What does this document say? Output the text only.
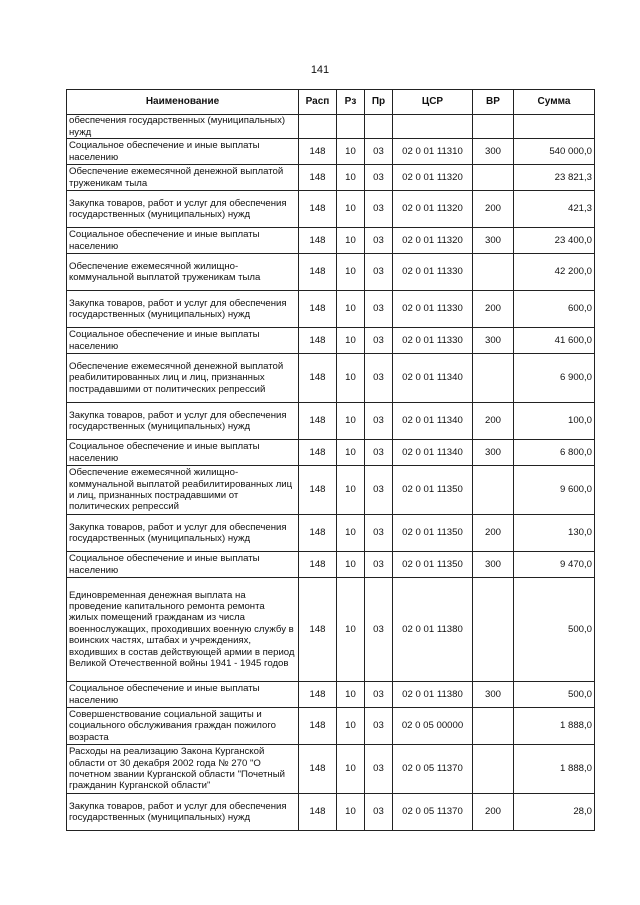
141
Наименование	Расп	Рз	Пр	ЦСР	ВР	Сумма
обеспечения государственных (муниципальных) нужд						
Социальное обеспечение и иные выплаты населению	148	10	03	02 0 01 11310	300	540 000,0
Обеспечение ежемесячной денежной выплатой труженикам тыла	148	10	03	02 0 01 11320		23 821,3
Закупка товаров, работ и услуг для обеспечения государственных (муниципальных) нужд	148	10	03	02 0 01 11320	200	421,3
Социальное обеспечение и иные выплаты населению	148	10	03	02 0 01 11320	300	23 400,0
Обеспечение ежемесячной жилищно-коммунальной выплатой труженикам тыла	148	10	03	02 0 01 11330		42 200,0
Закупка товаров, работ и услуг для обеспечения государственных (муниципальных) нужд	148	10	03	02 0 01 11330	200	600,0
Социальное обеспечение и иные выплаты населению	148	10	03	02 0 01 11330	300	41 600,0
Обеспечение ежемесячной денежной выплатой реабилитированных лиц и лиц, признанных пострадавшими от политических репрессий	148	10	03	02 0 01 11340		6 900,0
Закупка товаров, работ и услуг для обеспечения государственных (муниципальных) нужд	148	10	03	02 0 01 11340	200	100,0
Социальное обеспечение и иные выплаты населению	148	10	03	02 0 01 11340	300	6 800,0
Обеспечение ежемесячной жилищно-коммунальной выплатой реабилитированных лиц и лиц, признанных пострадавшими от политических репрессий	148	10	03	02 0 01 11350		9 600,0
Закупка товаров, работ и услуг для обеспечения государственных (муниципальных) нужд	148	10	03	02 0 01 11350	200	130,0
Социальное обеспечение и иные выплаты населению	148	10	03	02 0 01 11350	300	9 470,0
Единовременная денежная выплата на проведение капитального ремонта ремонта жилых помещений гражданам из числа военнослужащих, проходивших военную службу в воинских частях, штабах и учреждениях, входивших в состав действующей армии в период Великой Отечественной войны 1941 - 1945 годов	148	10	03	02 0 01 11380		500,0
Социальное обеспечение и иные выплаты населению	148	10	03	02 0 01 11380	300	500,0
Совершенствование социальной защиты и социального обслуживания граждан пожилого возраста	148	10	03	02 0 05 00000		1 888,0
Расходы на реализацию Закона Курганской области от 30 декабря 2002 года № 270 "О почетном звании Курганской области "Почетный гражданин Курганской области"	148	10	03	02 0 05 11370		1 888,0
Закупка товаров, работ и услуг для обеспечения государственных (муниципальных) нужд	148	10	03	02 0 05 11370	200	28,0
